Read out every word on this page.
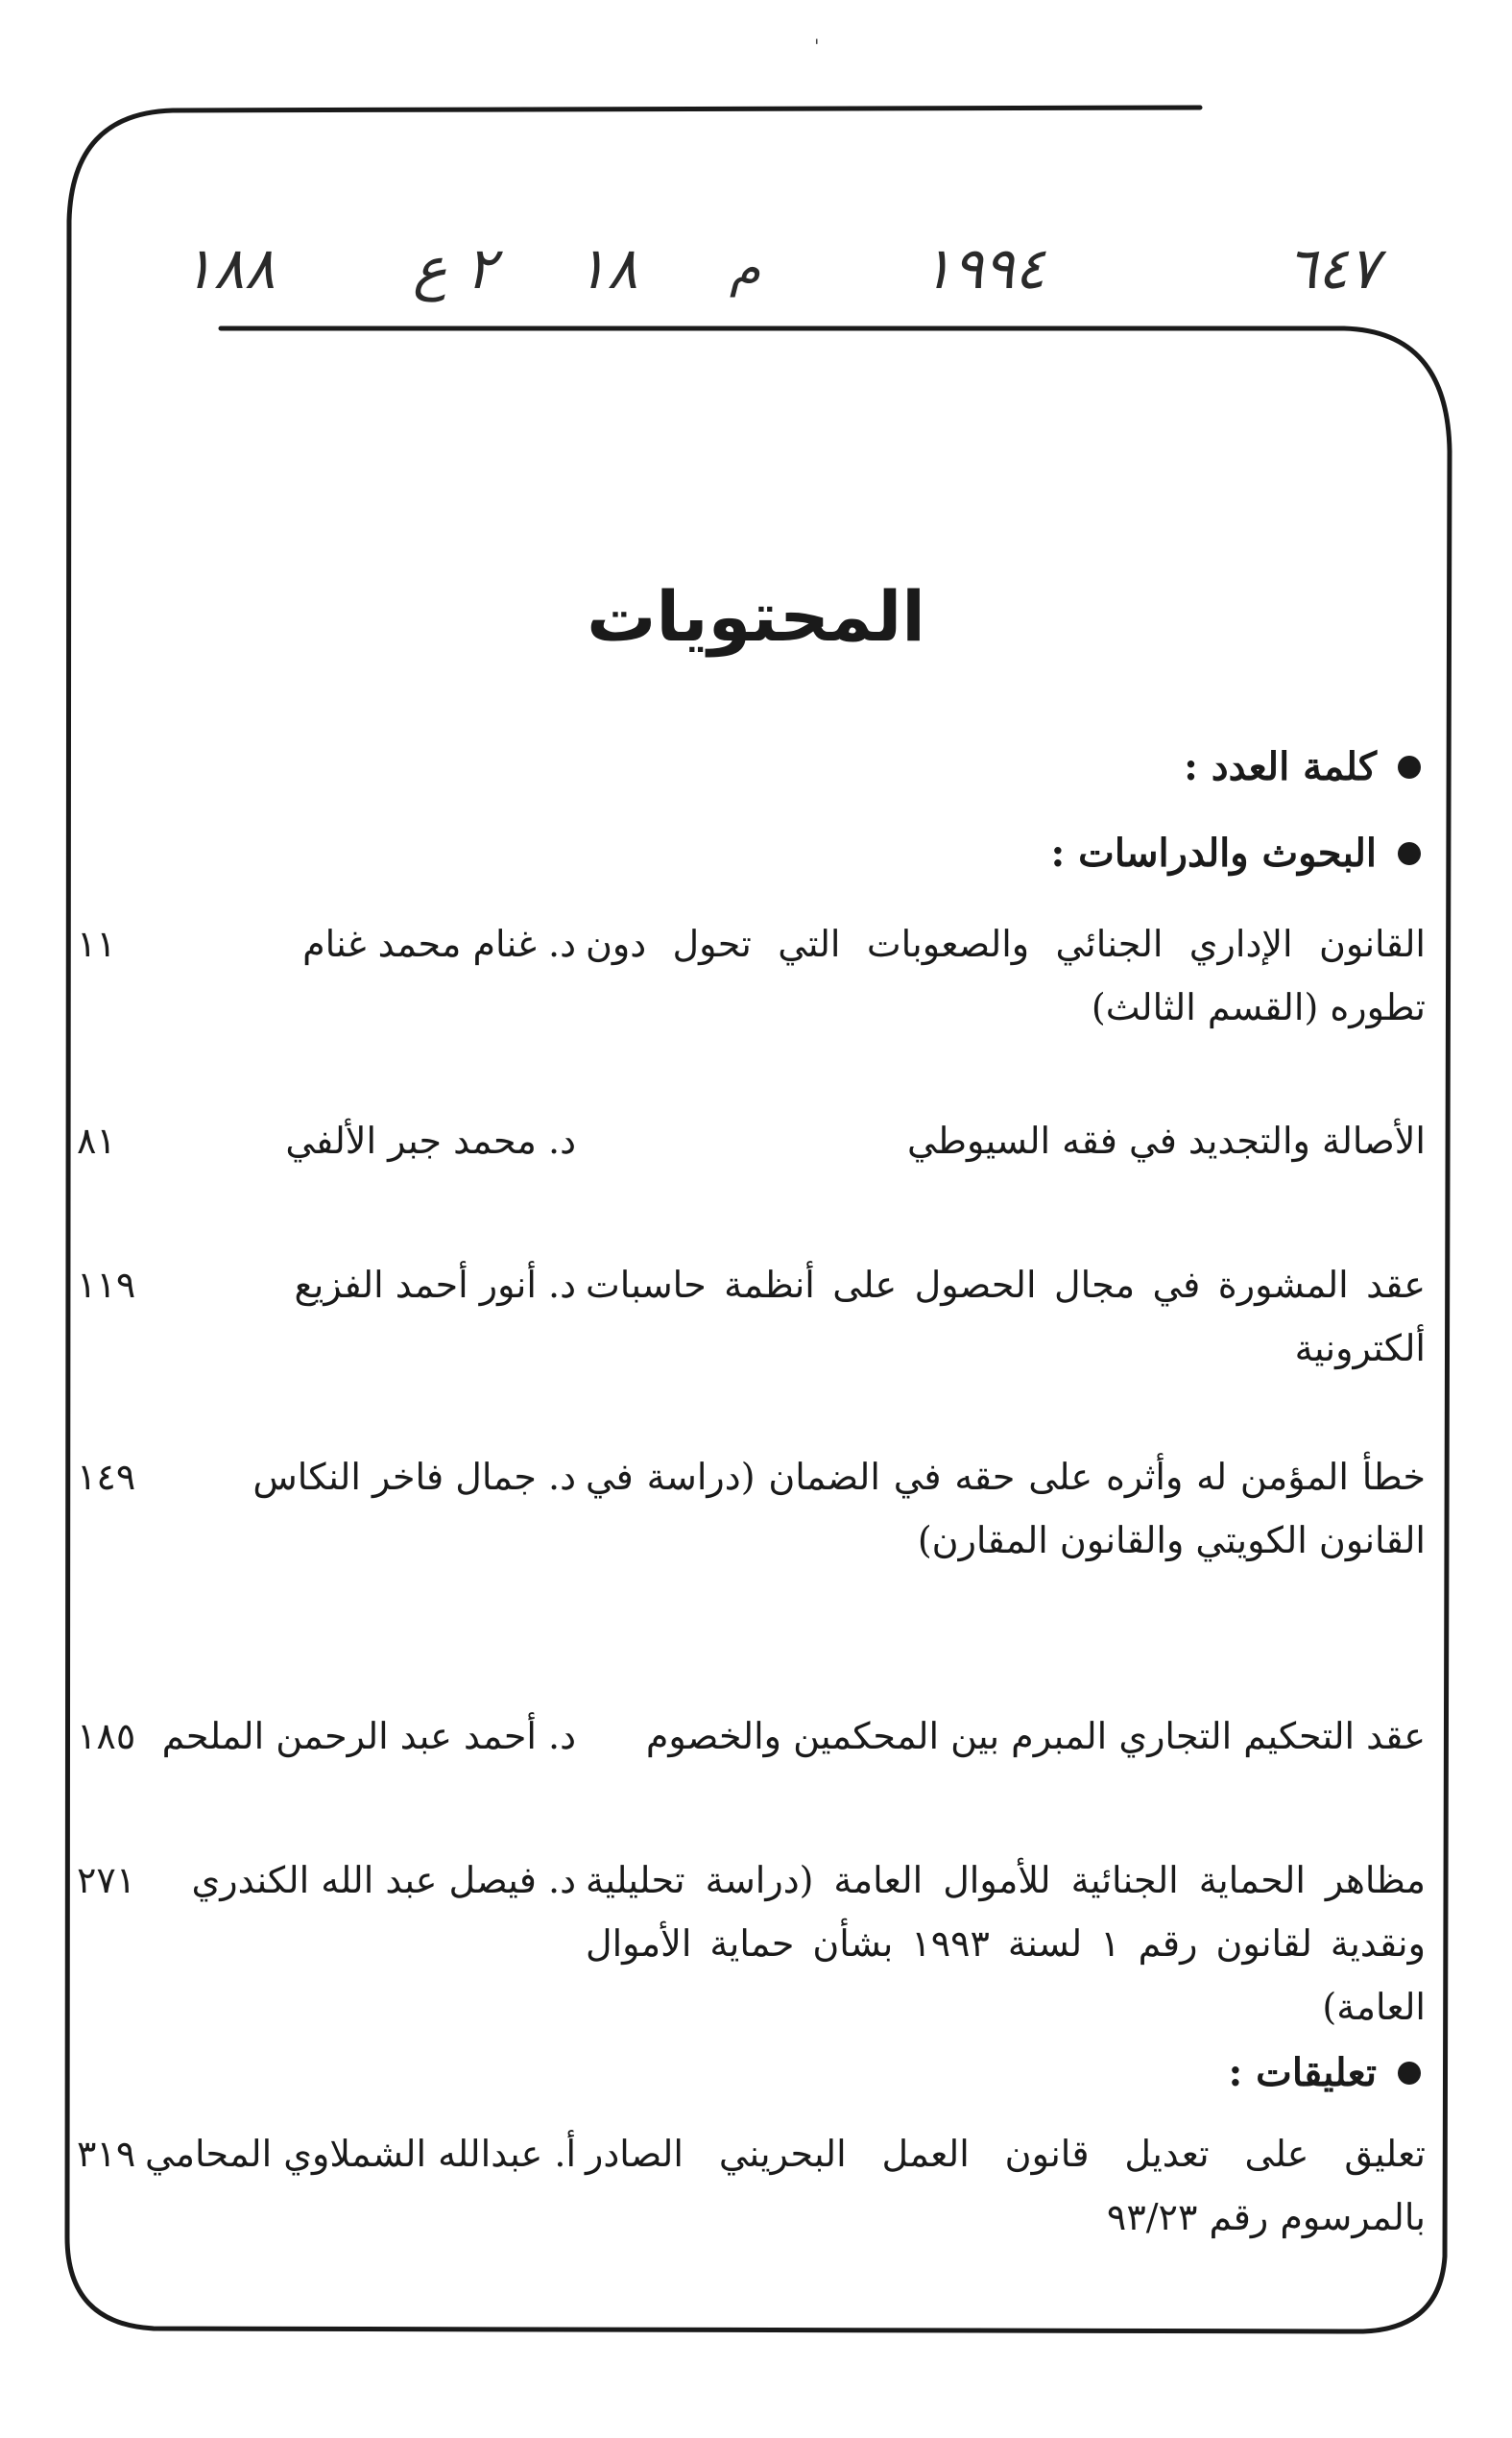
'
١٨٨ ٢ ع ١٨ م	١٩٩٤	٦٤٧
المحتويات
كلمة العدد :
البحوث والدراسات :
القانون الإداري الجنائي والصعوبات التي تحول دون تطوره (القسم الثالث)
د. غنام محمد غنام
١١
الأصالة والتجديد في فقه السيوطي
د. محمد جبر الألفي
٨١
عقد المشورة في مجال الحصول على أنظمة حاسبات ألكترونية
د. أنور أحمد الفزيع
١١٩
خطأ المؤمن له وأثره على حقه في الضمان (دراسة في القانون الكويتي والقانون المقارن)
د. جمال فاخر النكاس
١٤٩
عقد التحكيم التجاري المبرم بين المحكمين والخصوم
د. أحمد عبد الرحمن الملحم
١٨٥
مظاهر الحماية الجنائية للأموال العامة (دراسة تحليلية ونقدية لقانون رقم ١ لسنة ١٩٩٣ بشأن حماية الأموال العامة)
د. فيصل عبد الله الكندري
٢٧١
تعليقات :
تعليق على تعديل قانون العمل البحريني الصادر بالمرسوم رقم ٩٣/٢٣
أ. عبدالله الشملاوي المحامي
٣١٩
